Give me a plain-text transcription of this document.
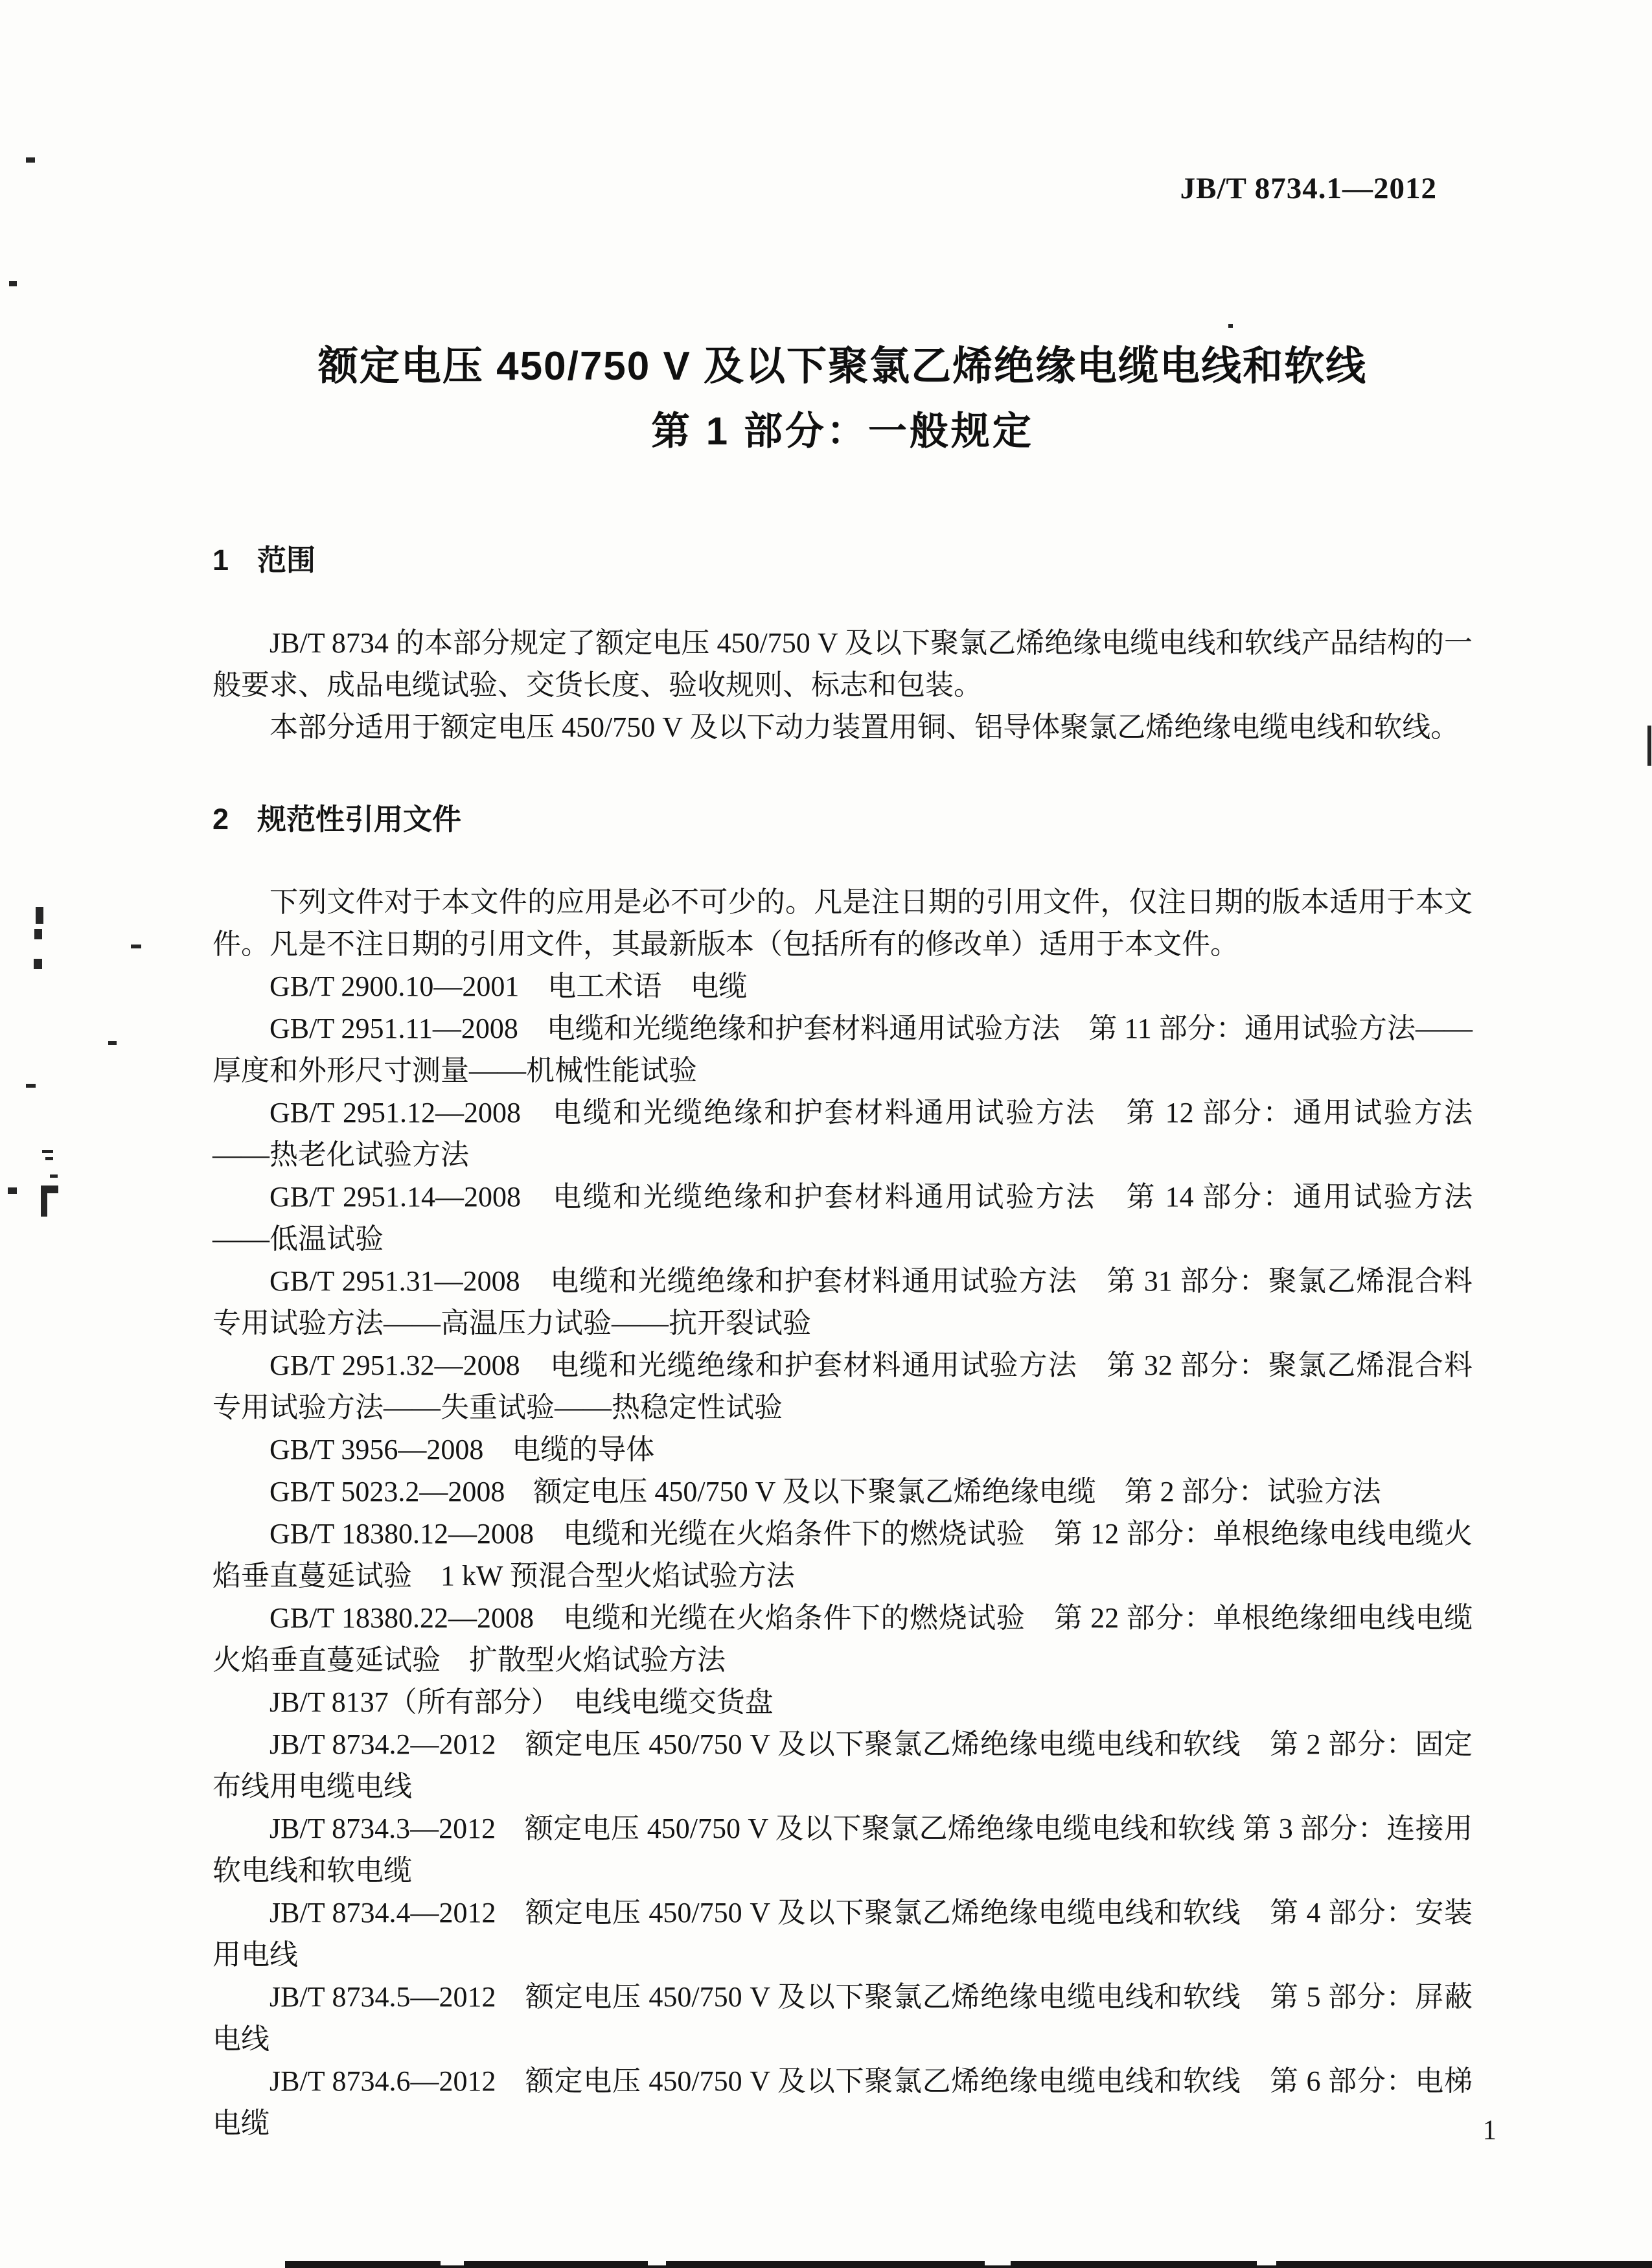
JB/T 8734.1—2012
额定电压 450/750 V 及以下聚氯乙烯绝缘电缆电线和软线
第 1 部分：一般规定
1 范围

JB/T 8734 的本部分规定了额定电压 450/750 V 及以下聚氯乙烯绝缘电缆电线和软线产品结构的一般要求、成品电缆试验、交货长度、验收规则、标志和包装。

本部分适用于额定电压 450/750 V 及以下动力装置用铜、铝导体聚氯乙烯绝缘电缆电线和软线。

2 规范性引用文件

下列文件对于本文件的应用是必不可少的。凡是注日期的引用文件，仅注日期的版本适用于本文件。凡是不注日期的引用文件，其最新版本（包括所有的修改单）适用于本文件。

GB/T 2900.10—2001　电工术语　电缆

GB/T 2951.11—2008　电缆和光缆绝缘和护套材料通用试验方法　第 11 部分：通用试验方法——厚度和外形尺寸测量——机械性能试验

GB/T 2951.12—2008　电缆和光缆绝缘和护套材料通用试验方法　第 12 部分：通用试验方法——热老化试验方法

GB/T 2951.14—2008　电缆和光缆绝缘和护套材料通用试验方法　第 14 部分：通用试验方法——低温试验

GB/T 2951.31—2008　电缆和光缆绝缘和护套材料通用试验方法　第 31 部分：聚氯乙烯混合料专用试验方法——高温压力试验——抗开裂试验

GB/T 2951.32—2008　电缆和光缆绝缘和护套材料通用试验方法　第 32 部分：聚氯乙烯混合料专用试验方法——失重试验——热稳定性试验

GB/T 3956—2008　电缆的导体

GB/T 5023.2—2008　额定电压 450/750 V 及以下聚氯乙烯绝缘电缆　第 2 部分：试验方法

GB/T 18380.12—2008　电缆和光缆在火焰条件下的燃烧试验　第 12 部分：单根绝缘电线电缆火焰垂直蔓延试验　1 kW 预混合型火焰试验方法

GB/T 18380.22—2008　电缆和光缆在火焰条件下的燃烧试验　第 22 部分：单根绝缘细电线电缆火焰垂直蔓延试验　扩散型火焰试验方法

JB/T 8137（所有部分）　电线电缆交货盘

JB/T 8734.2—2012　额定电压 450/750 V 及以下聚氯乙烯绝缘电缆电线和软线　第 2 部分：固定布线用电缆电线

JB/T 8734.3—2012　额定电压 450/750 V 及以下聚氯乙烯绝缘电缆电线和软线 第 3 部分：连接用软电线和软电缆

JB/T 8734.4—2012　额定电压 450/750 V 及以下聚氯乙烯绝缘电缆电线和软线　第 4 部分：安装用电线

JB/T 8734.5—2012　额定电压 450/750 V 及以下聚氯乙烯绝缘电缆电线和软线　第 5 部分：屏蔽电线

JB/T 8734.6—2012　额定电压 450/750 V 及以下聚氯乙烯绝缘电缆电线和软线　第 6 部分：电梯电缆	1
